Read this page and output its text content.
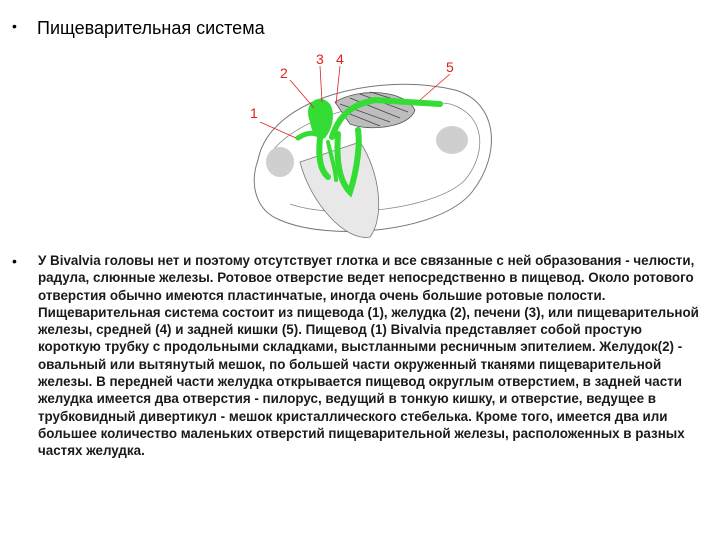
• Пищеварительная система
1
2
3 4	5
• У Bivalvia головы нет и поэтому отсутствует глотка и все связанные с ней образования - челюсти, радула, слюнные железы. Ротовое отверстие ведет непосредственно в пищевод. Около ротового отверстия обычно имеются пластинчатые, иногда очень большие ротовые полости. Пищеварительная система состоит из пищевода (1), желудка (2), печени (3), или пищеварительной железы, средней (4) и задней кишки (5). Пищевод (1) Bivalvia представляет собой простую короткую трубку с продольными складками, выстланными ресничным эпителием. Желудок(2) - овальный или вытянутый мешок, по большей части окруженный тканями пищеварительной железы. В передней части желудка открывается пищевод округлым отверстием, в задней части желудка имеется два отверстия - пилорус, ведущий в тонкую кишку, и отверстие, ведущее в трубковидный дивертикул - мешок кристаллического стебелька. Кроме того, имеется два или большее количество маленьких отверстий пищеварительной железы, расположенных в разных частях желудка.
